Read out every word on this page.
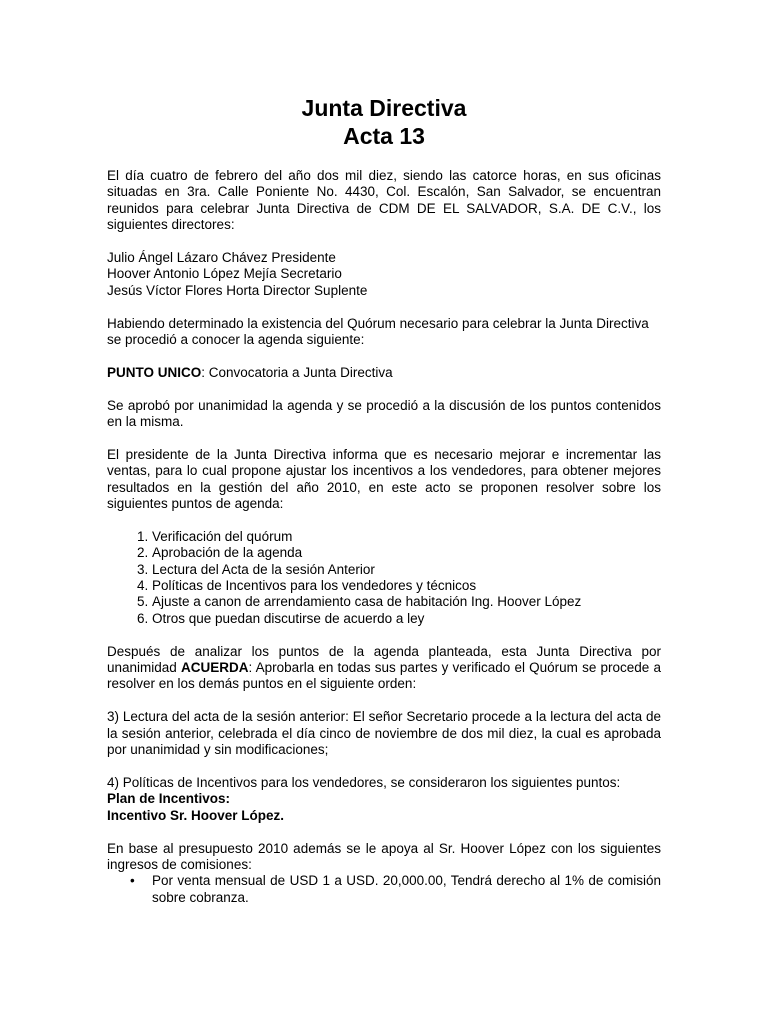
Junta Directiva
Acta 13

El día cuatro de febrero del año dos mil diez, siendo las catorce horas, en sus oficinas situadas en 3ra. Calle Poniente No. 4430, Col. Escalón, San Salvador, se encuentran reunidos para celebrar Junta Directiva de CDM DE EL SALVADOR, S.A. DE C.V., los siguientes directores:

Julio Ángel Lázaro Chávez Presidente
Hoover Antonio López Mejía Secretario
Jesús Víctor Flores Horta Director Suplente

Habiendo determinado la existencia del Quórum necesario para celebrar la Junta Directiva se procedió a conocer la agenda siguiente:

PUNTO UNICO: Convocatoria a Junta Directiva

Se aprobó por unanimidad la agenda y se procedió a la discusión de los puntos contenidos en la misma.

El presidente de la Junta Directiva informa que es necesario mejorar e incrementar las ventas, para lo cual propone ajustar los incentivos a los vendedores, para obtener mejores resultados en la gestión del año 2010, en este acto se proponen resolver sobre los siguientes puntos de agenda:

1. Verificación del quórum
2. Aprobación de la agenda
3. Lectura del Acta de la sesión Anterior
4. Políticas de Incentivos para los vendedores y técnicos
5. Ajuste a canon de arrendamiento casa de habitación Ing. Hoover López
6. Otros que puedan discutirse de acuerdo a ley

Después de analizar los puntos de la agenda planteada, esta Junta Directiva por unanimidad ACUERDA: Aprobarla en todas sus partes y verificado el Quórum se procede a resolver en los demás puntos en el siguiente orden:

3) Lectura del acta de la sesión anterior: El señor Secretario procede a la lectura del acta de la sesión anterior, celebrada el día cinco de noviembre de dos mil diez, la cual es aprobada por unanimidad y sin modificaciones;

4) Políticas de Incentivos para los vendedores, se consideraron los siguientes puntos:
Plan de Incentivos:
Incentivo Sr. Hoover López.

En base al presupuesto 2010 además se le apoya al Sr. Hoover López con los siguientes ingresos de comisiones:

• Por venta mensual de USD 1 a USD. 20,000.00, Tendrá derecho al 1% de comisión sobre cobranza.
